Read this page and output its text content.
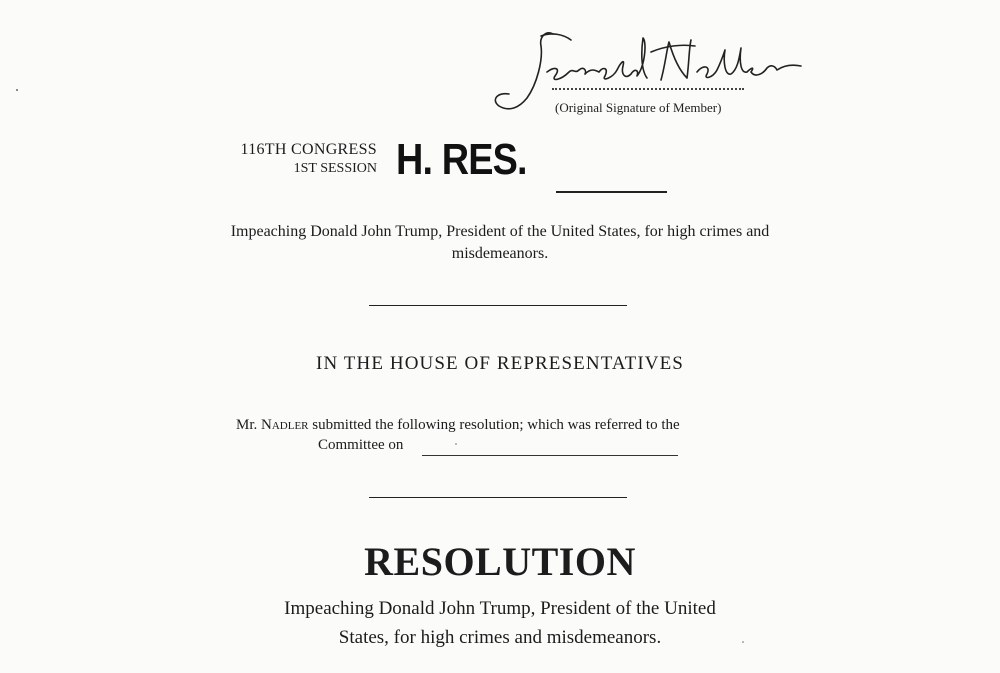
(Original Signature of Member)
116TH CONGRESS
1ST SESSION H. RES.
Impeaching Donald John Trump, President of the United States, for high crimes and misdemeanors.
IN THE HOUSE OF REPRESENTATIVES
Mr. Nadler submitted the following resolution; which was referred to the
Committee on
RESOLUTION
Impeaching Donald John Trump, President of the United
States, for high crimes and misdemeanors.
